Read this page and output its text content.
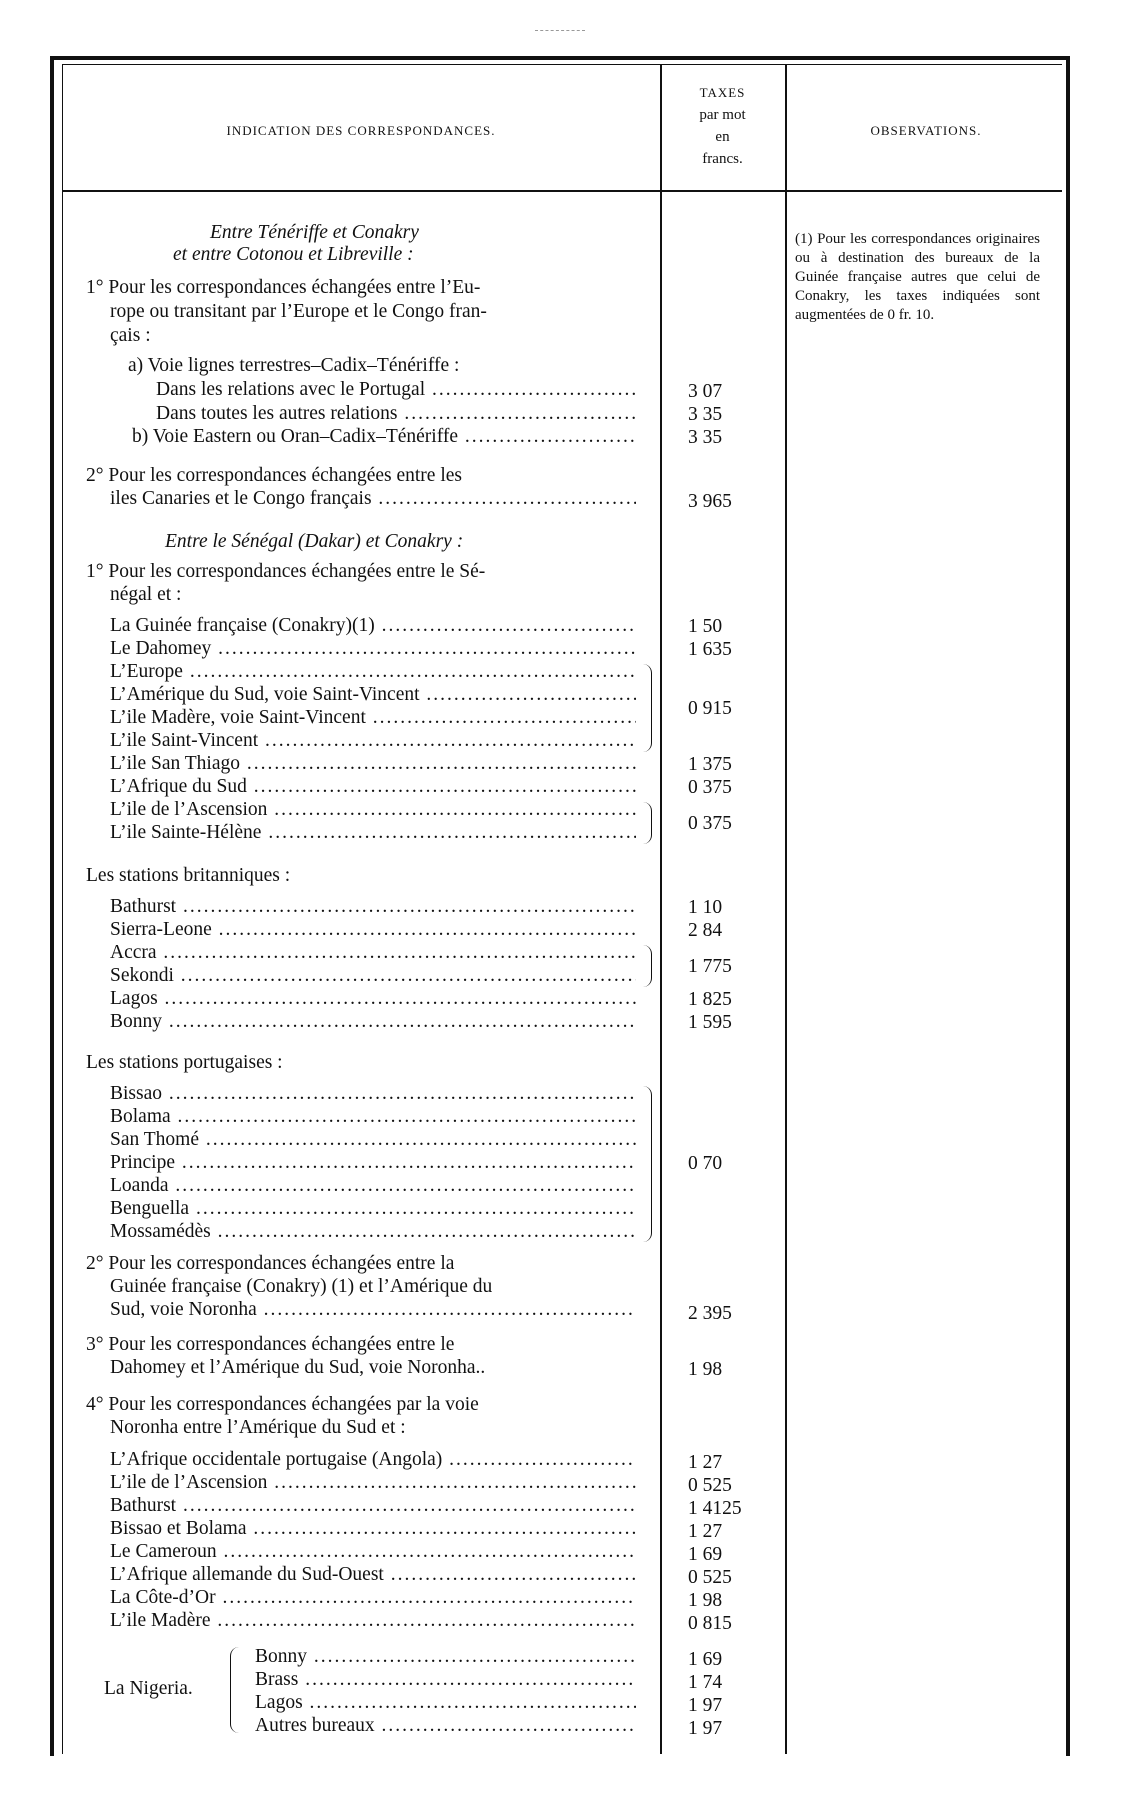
INDICATION DES CORRESPONDANCES.
TAXES
par mot
en
francs.
OBSERVATIONS.
(1) Pour les correspondances originaires ou à destination des bureaux de la Guinée française autres que celui de Conakry, les taxes indiquées sont augmentées de 0 fr. 10.
Entre Ténériffe et Conakry
et entre Cotonou et Libreville :
1° Pour les correspondances échangées entre l’Eu-
rope ou transitant par l’Europe et le Congo fran-
çais :
a) Voie lignes terrestres–Cadix–Ténériffe :
Dans les relations avec le Portugal .....	3 07
Dans toutes les autres relations .....	3 35
b) Voie Eastern ou Oran–Cadix–Ténériffe .....	3 35
2° Pour les correspondances échangées entre les
iles Canaries et le Congo français .....	3 965
Entre le Sénégal (Dakar) et Conakry :
1° Pour les correspondances échangées entre le Sé-
négal et :
La Guinée française (Conakry)(1) .....	1 50
Le Dahomey .....	1 635
L’Europe .....
L’Amérique du Sud, voie Saint-Vincent .....
L’ile Madère, voie Saint-Vincent .....
L’ile Saint-Vincent .....
0 915
L’ile San Thiago .....	1 375
L’Afrique du Sud .....	0 375
L’ile de l’Ascension .....
L’ile Sainte-Hélène .....	0 375
Les stations britanniques :
Bathurst .....	1 10
Sierra-Leone .....	2 84
Accra .....
Sekondi .....	1 775
Lagos .....	1 825
Bonny .....	1 595
Les stations portugaises :
Bissao .....
Bolama .....
San Thomé .....
Principe .....
Loanda .....
Benguella .....
Mossamédès .....
0 70
2° Pour les correspondances échangées entre la
Guinée française (Conakry) (1) et l’Amérique du
Sud, voie Noronha .....	2 395
3° Pour les correspondances échangées entre le
Dahomey et l’Amérique du Sud, voie Noronha..	1 98
4° Pour les correspondances échangées par la voie
Noronha entre l’Amérique du Sud et :
L’Afrique occidentale portugaise (Angola) .....	1 27
L’ile de l’Ascension .....	0 525
Bathurst .....	1 4125
Bissao et Bolama .....	1 27
Le Cameroun .....	1 69
L’Afrique allemande du Sud-Ouest .....	0 525
La Côte-d’Or .....	1 98
L’ile Madère .....	0 815
La Nigeria.
Bonny .....	1 69
Brass .....	1 74
Lagos .....	1 97
Autres bureaux .....	1 97
